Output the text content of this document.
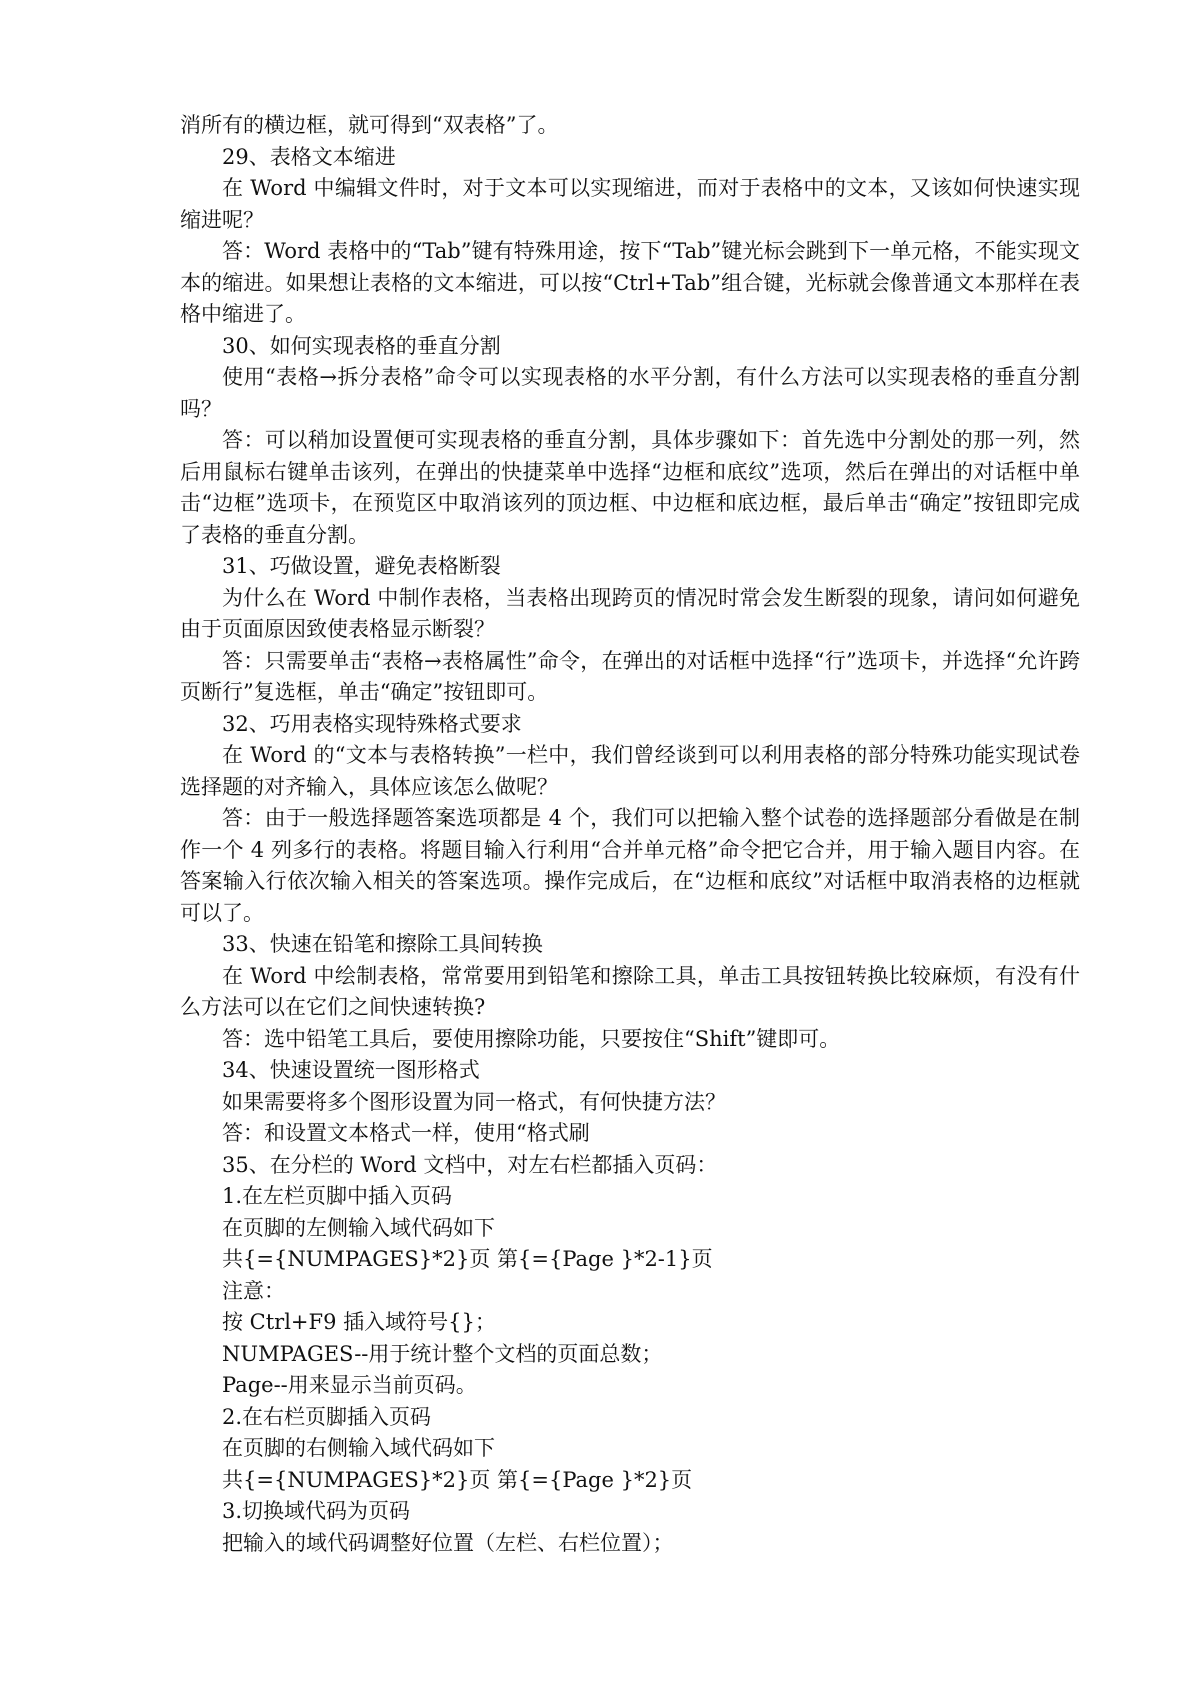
消所有的横边框，就可得到“双表格”了。

29、表格文本缩进

在 Word 中编辑文件时，对于文本可以实现缩进，而对于表格中的文本，又该如何快速实现缩进呢？

答：Word 表格中的“Tab”键有特殊用途，按下“Tab”键光标会跳到下一单元格，不能实现文本的缩进。如果想让表格的文本缩进，可以按“Ctrl+Tab”组合键，光标就会像普通文本那样在表格中缩进了。

30、如何实现表格的垂直分割

使用“表格→拆分表格”命令可以实现表格的水平分割，有什么方法可以实现表格的垂直分割吗？

答：可以稍加设置便可实现表格的垂直分割，具体步骤如下：首先选中分割处的那一列，然后用鼠标右键单击该列，在弹出的快捷菜单中选择“边框和底纹”选项，然后在弹出的对话框中单击“边框”选项卡，在预览区中取消该列的顶边框、中边框和底边框，最后单击“确定”按钮即完成了表格的垂直分割。

31、巧做设置，避免表格断裂

为什么在 Word 中制作表格，当表格出现跨页的情况时常会发生断裂的现象，请问如何避免由于页面原因致使表格显示断裂？

答：只需要单击“表格→表格属性”命令，在弹出的对话框中选择“行”选项卡，并选择“允许跨页断行”复选框，单击“确定”按钮即可。

32、巧用表格实现特殊格式要求

在 Word 的“文本与表格转换”一栏中，我们曾经谈到可以利用表格的部分特殊功能实现试卷选择题的对齐输入，具体应该怎么做呢？

答：由于一般选择题答案选项都是 4 个，我们可以把输入整个试卷的选择题部分看做是在制作一个 4 列多行的表格。将题目输入行利用“合并单元格”命令把它合并，用于输入题目内容。在答案输入行依次输入相关的答案选项。操作完成后，在“边框和底纹”对话框中取消表格的边框就可以了。

33、快速在铅笔和擦除工具间转换

在 Word 中绘制表格，常常要用到铅笔和擦除工具，单击工具按钮转换比较麻烦，有没有什么方法可以在它们之间快速转换?

答：选中铅笔工具后，要使用擦除功能，只要按住“Shift”键即可。

34、快速设置统一图形格式

如果需要将多个图形设置为同一格式，有何快捷方法？

答：和设置文本格式一样，使用“格式刷

35、在分栏的 Word 文档中，对左右栏都插入页码：

1.在左栏页脚中插入页码

在页脚的左侧输入域代码如下

共{={NUMPAGES}*2}页 第{={Page }*2-1}页

注意：

按 Ctrl+F9 插入域符号{}；

NUMPAGES--用于统计整个文档的页面总数；

Page--用来显示当前页码。

2.在右栏页脚插入页码

在页脚的右侧输入域代码如下

共{={NUMPAGES}*2}页 第{={Page }*2}页

3.切换域代码为页码

把输入的域代码调整好位置（左栏、右栏位置）；
